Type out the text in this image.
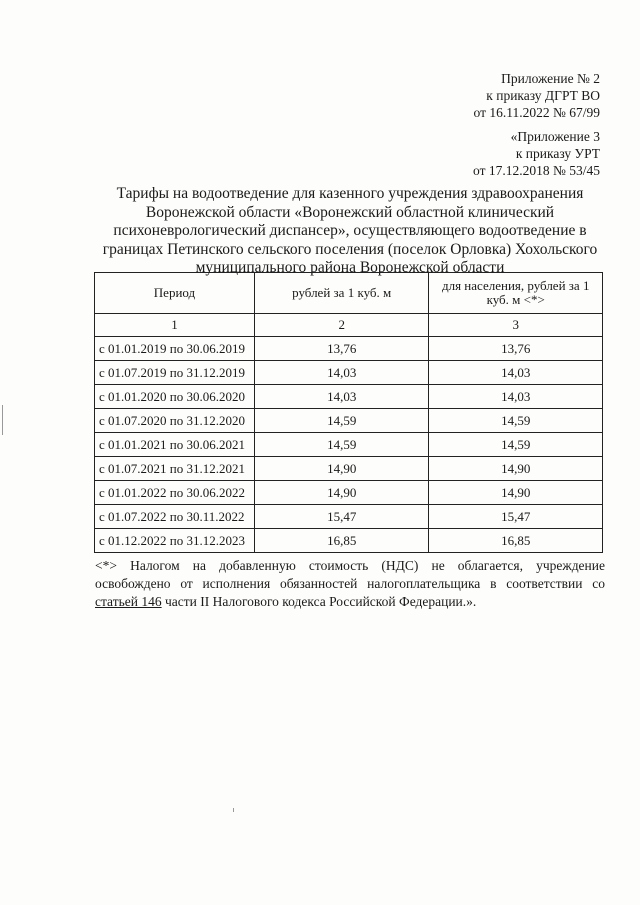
Приложение № 2
к приказу ДГРТ ВО
от 16.11.2022 № 67/99
«Приложение 3
к приказу УРТ
от 17.12.2018 № 53/45
Тарифы на водоотведение для казенного учреждения здравоохранения
Воронежской области «Воронежский областной клинический
психоневрологический диспансер», осуществляющего водоотведение в
границах Петинского сельского поселения (поселок Орловка) Хохольского
муниципального района Воронежской области
Период	рублей за 1 куб. м	для населения, рублей за 1 куб. м <*>
1	2	3
с 01.01.2019 по 30.06.2019	13,76	13,76
с 01.07.2019 по 31.12.2019	14,03	14,03
с 01.01.2020 по 30.06.2020	14,03	14,03
с 01.07.2020 по 31.12.2020	14,59	14,59
с 01.01.2021 по 30.06.2021	14,59	14,59
с 01.07.2021 по 31.12.2021	14,90	14,90
с 01.01.2022 по 30.06.2022	14,90	14,90
с 01.07.2022 по 30.11.2022	15,47	15,47
с 01.12.2022 по 31.12.2023	16,85	16,85
<*> Налогом на добавленную стоимость (НДС) не облагается, учреждение освобождено от исполнения обязанностей налогоплательщика в соответствии со статьей 146 части II Налогового кодекса Российской Федерации.».
